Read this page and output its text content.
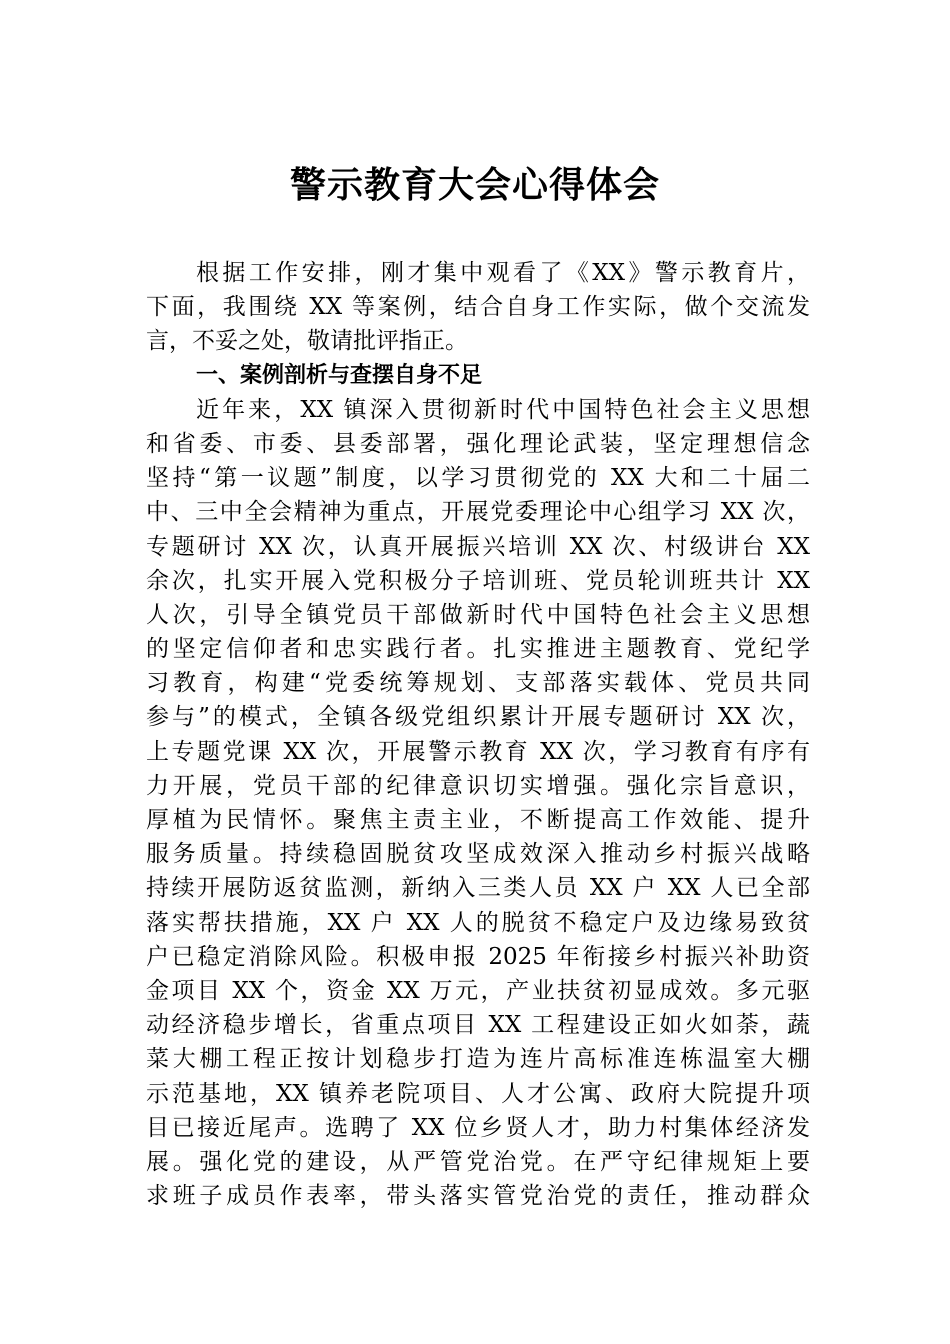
警示教育大会心得体会
根据工作安排，刚才集中观看了《XX》警示教育片，
下面，我围绕 XX 等案例，结合自身工作实际，做个交流发
言，不妥之处，敬请批评指正。
一、案例剖析与查摆自身不足
近年来，XX 镇深入贯彻新时代中国特色社会主义思想
和省委、市委、县委部署，强化理论武装，坚定理想信念
坚持“第一议题”制度，以学习贯彻党的 XX 大和二十届二
中、三中全会精神为重点，开展党委理论中心组学习 XX 次，
专题研讨 XX 次，认真开展振兴培训 XX 次、村级讲台 XX
余次，扎实开展入党积极分子培训班、党员轮训班共计 XX
人次，引导全镇党员干部做新时代中国特色社会主义思想
的坚定信仰者和忠实践行者。扎实推进主题教育、党纪学
习教育，构建“党委统筹规划、支部落实载体、党员共同
参与”的模式，全镇各级党组织累计开展专题研讨 XX 次，
上专题党课 XX 次，开展警示教育 XX 次，学习教育有序有
力开展，党员干部的纪律意识切实增强。强化宗旨意识，
厚植为民情怀。聚焦主责主业，不断提高工作效能、提升
服务质量。持续稳固脱贫攻坚成效深入推动乡村振兴战略
持续开展防返贫监测，新纳入三类人员 XX 户 XX 人已全部
落实帮扶措施，XX 户 XX 人的脱贫不稳定户及边缘易致贫
户已稳定消除风险。积极申报 2025 年衔接乡村振兴补助资
金项目 XX 个，资金 XX 万元，产业扶贫初显成效。多元驱
动经济稳步增长，省重点项目 XX 工程建设正如火如荼，蔬
菜大棚工程正按计划稳步打造为连片高标准连栋温室大棚
示范基地，XX 镇养老院项目、人才公寓、政府大院提升项
目已接近尾声。选聘了 XX 位乡贤人才，助力村集体经济发
展。强化党的建设，从严管党治党。在严守纪律规矩上要
求班子成员作表率，带头落实管党治党的责任，推动群众
